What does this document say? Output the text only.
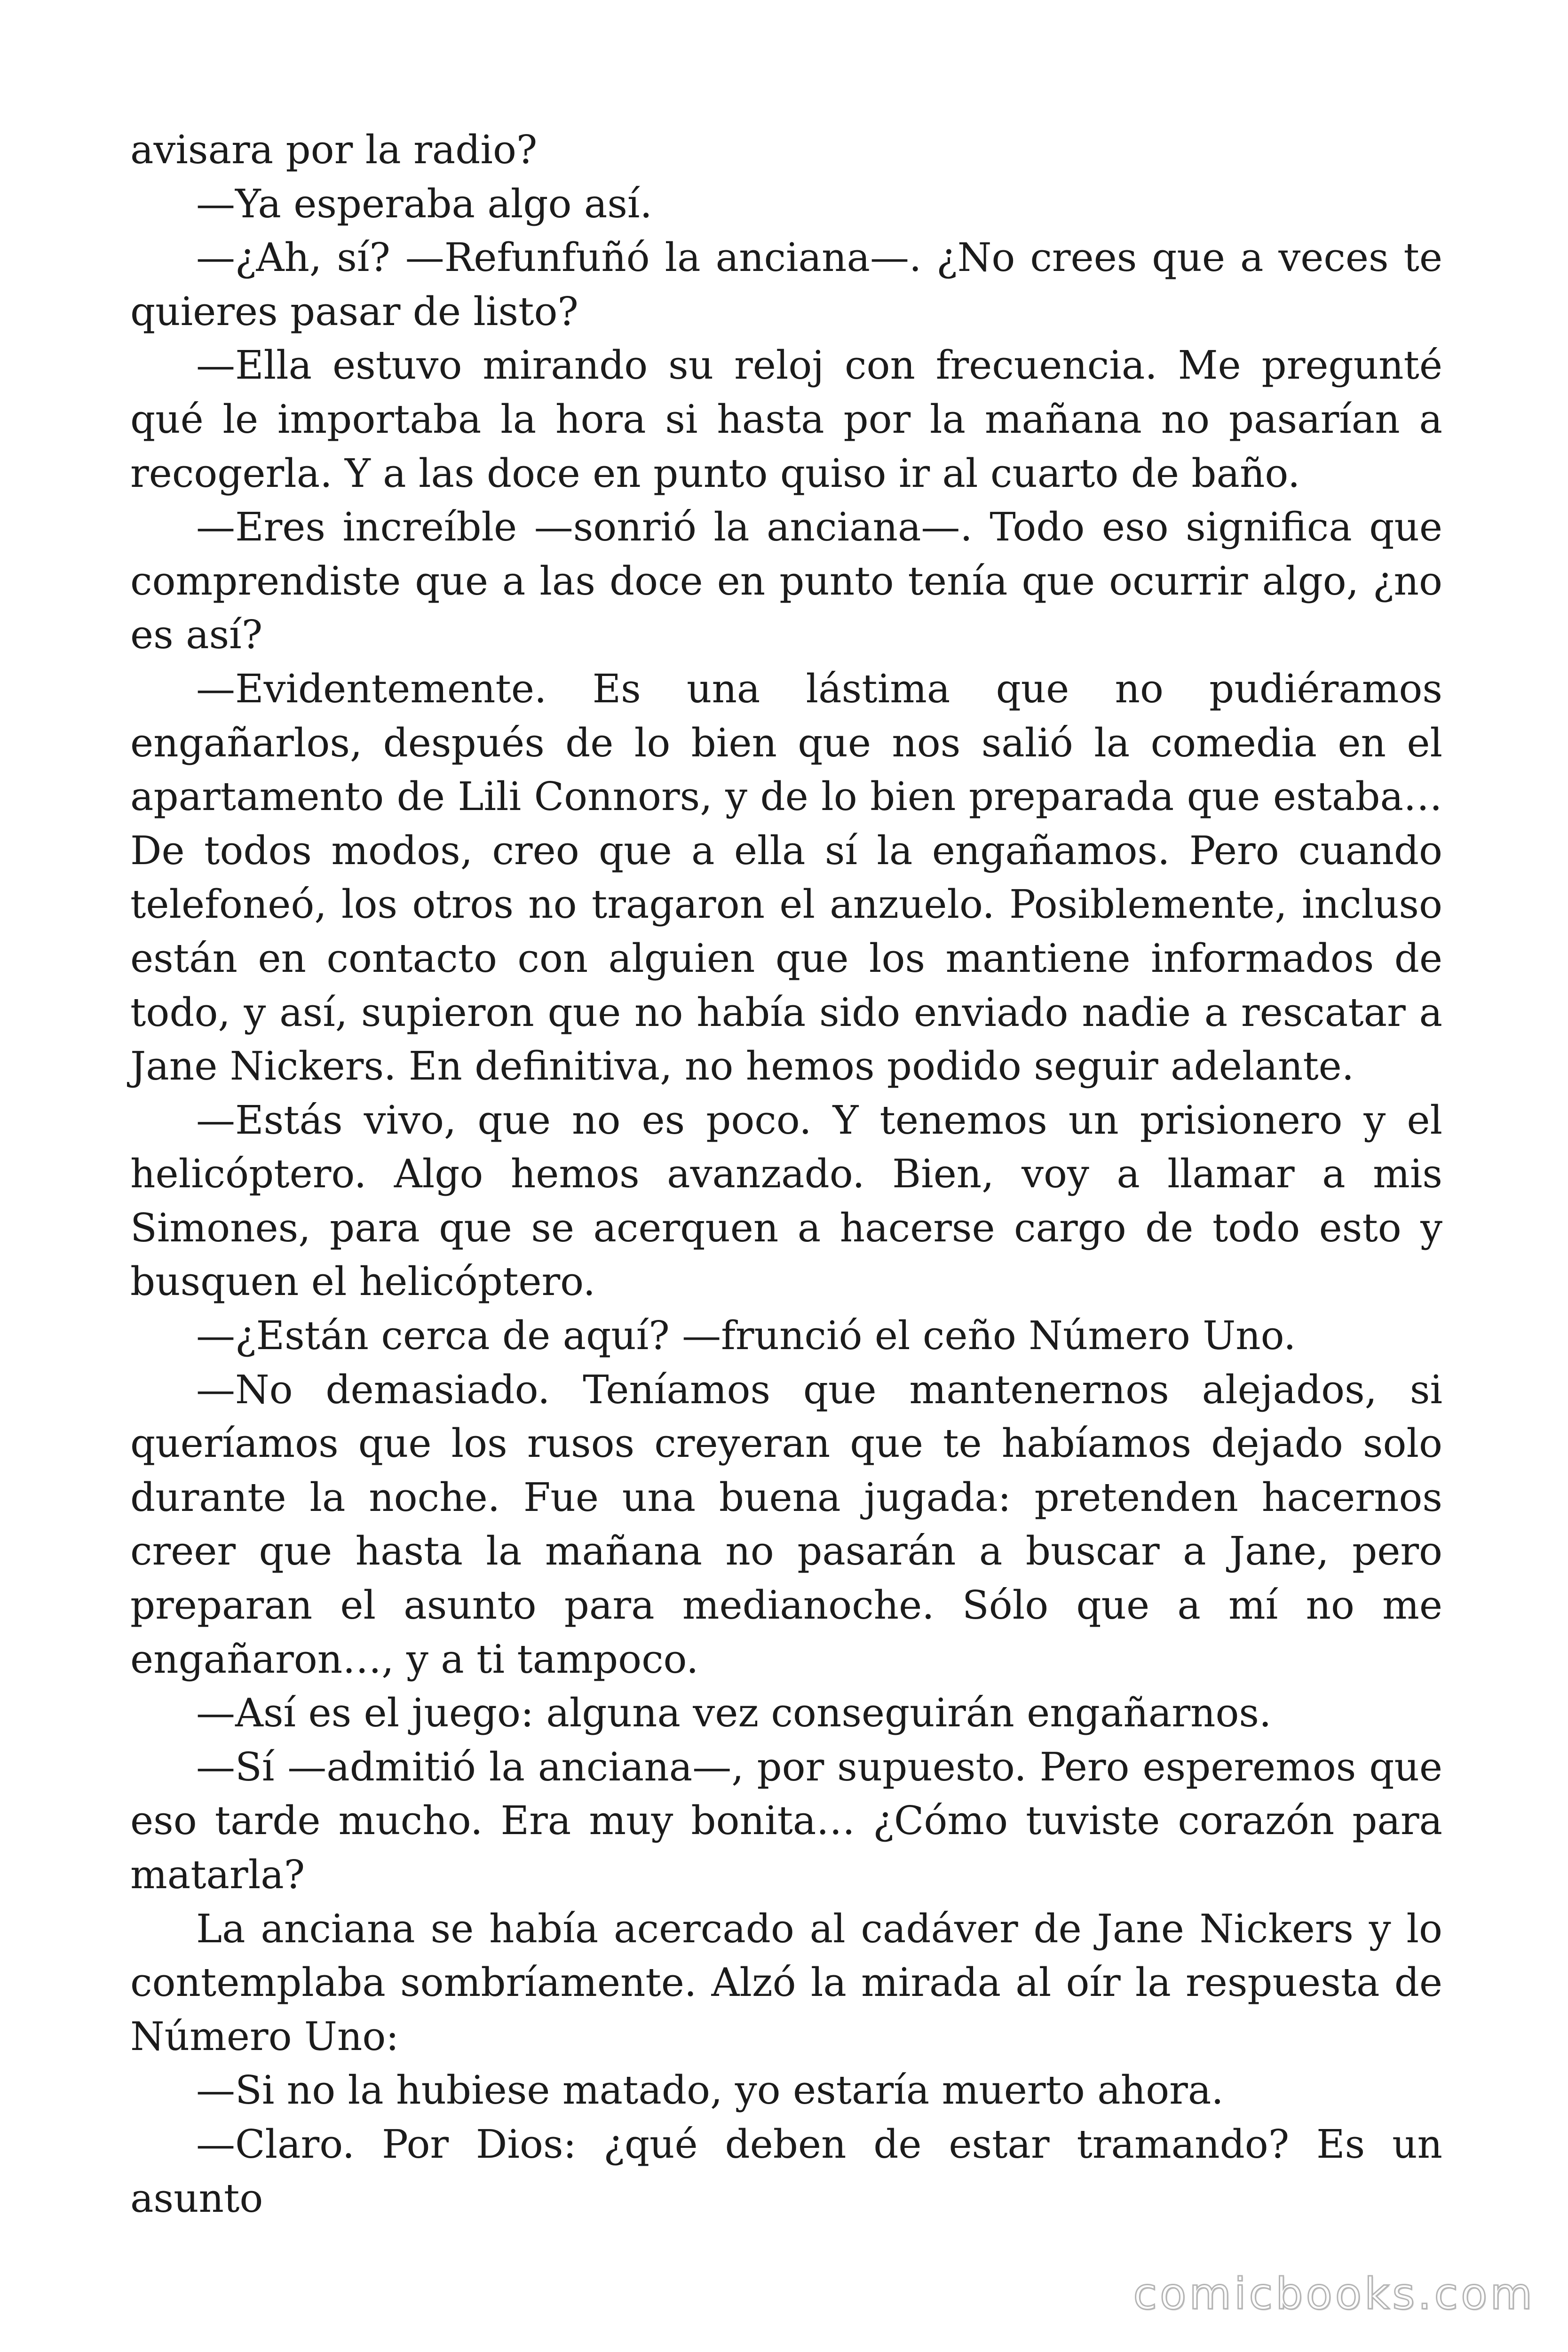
avisara por la radio?

—Ya esperaba algo así.

—¿Ah, sí? —Refunfuñó la anciana—. ¿No crees que a veces te quieres pasar de listo?

—Ella estuvo mirando su reloj con frecuencia. Me pregunté qué le importaba la hora si hasta por la mañana no pasarían a recogerla. Y a las doce en punto quiso ir al cuarto de baño.

—Eres increíble —sonrió la anciana—. Todo eso significa que comprendiste que a las doce en punto tenía que ocurrir algo, ¿no es así?

—Evidentemente. Es una lástima que no pudiéramos engañarlos, después de lo bien que nos salió la comedia en el apartamento de Lili Connors, y de lo bien preparada que estaba… De todos modos, creo que a ella sí la engañamos. Pero cuando telefoneó, los otros no tragaron el anzuelo. Posiblemente, incluso están en contacto con alguien que los mantiene informados de todo, y así, supieron que no había sido enviado nadie a rescatar a Jane Nickers. En definitiva, no hemos podido seguir adelante.

—Estás vivo, que no es poco. Y tenemos un prisionero y el helicóptero. Algo hemos avanzado. Bien, voy a llamar a mis Simones, para que se acerquen a hacerse cargo de todo esto y busquen el helicóptero.

—¿Están cerca de aquí? —frunció el ceño Número Uno.

—No demasiado. Teníamos que mantenernos alejados, si queríamos que los rusos creyeran que te habíamos dejado solo durante la noche. Fue una buena jugada: pretenden hacernos creer que hasta la mañana no pasarán a buscar a Jane, pero preparan el asunto para medianoche. Sólo que a mí no me engañaron…, y a ti tampoco.

—Así es el juego: alguna vez conseguirán engañarnos.

—Sí —admitió la anciana—, por supuesto. Pero esperemos que eso tarde mucho. Era muy bonita… ¿Cómo tuviste corazón para matarla?

La anciana se había acercado al cadáver de Jane Nickers y lo contemplaba sombríamente. Alzó la mirada al oír la respuesta de Número Uno:

—Si no la hubiese matado, yo estaría muerto ahora.

—Claro. Por Dios: ¿qué deben de estar tramando? Es un asunto

comicbooks.com
